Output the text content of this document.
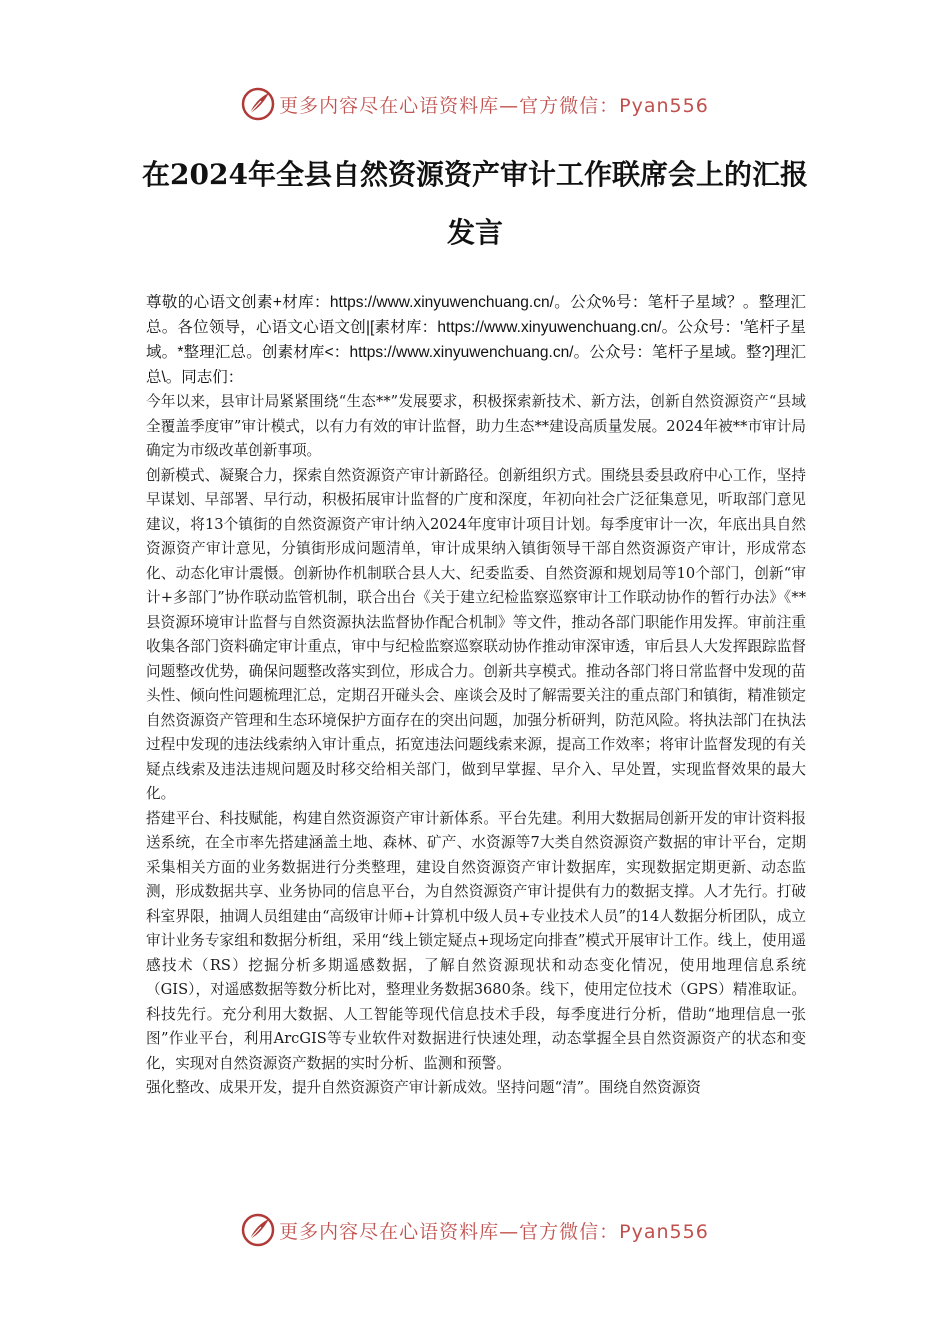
更多内容尽在心语资料库—官方微信：Pyan556
在2024年全县自然资源资产审计工作联席会上的汇报发言

尊敬的心语文创素+材库：https://www.xinyuwenchuang.cn/。公众%号：笔杆子星域？。整理汇总。各位领导，心语文心语文创|[素材库：https://www.xinyuwenchuang.cn/。公众号：'笔杆子星域。*整理汇总。创素材库<：https://www.xinyuwenchuang.cn/。公众号：笔杆子星域。整?]理汇总\。同志们：

今年以来，县审计局紧紧围绕“生态**”发展要求，积极探索新技术、新方法，创新自然资源资产“县域全覆盖季度审”审计模式，以有力有效的审计监督，助力生态**建设高质量发展。2024年被**市审计局确定为市级改革创新事项。

创新模式、凝聚合力，探索自然资源资产审计新路径。创新组织方式。围绕县委县政府中心工作，坚持早谋划、早部署、早行动，积极拓展审计监督的广度和深度，年初向社会广泛征集意见，听取部门意见建议，将13个镇街的自然资源资产审计纳入2024年度审计项目计划。每季度审计一次，年底出具自然资源资产审计意见，分镇街形成问题清单，审计成果纳入镇街领导干部自然资源资产审计，形成常态化、动态化审计震慑。创新协作机制联合县人大、纪委监委、自然资源和规划局等10个部门，创新“审计+多部门”协作联动监管机制，联合出台《关于建立纪检监察巡察审计工作联动协作的暂行办法》《**县资源环境审计监督与自然资源执法监督协作配合机制》等文件，推动各部门职能作用发挥。审前注重收集各部门资料确定审计重点，审中与纪检监察巡察联动协作推动审深审透，审后县人大发挥跟踪监督问题整改优势，确保问题整改落实到位，形成合力。创新共享模式。推动各部门将日常监督中发现的苗头性、倾向性问题梳理汇总，定期召开碰头会、座谈会及时了解需要关注的重点部门和镇街，精准锁定自然资源资产管理和生态环境保护方面存在的突出问题，加强分析研判，防范风险。将执法部门在执法过程中发现的违法线索纳入审计重点，拓宽违法问题线索来源，提高工作效率；将审计监督发现的有关疑点线索及违法违规问题及时移交给相关部门，做到早掌握、早介入、早处置，实现监督效果的最大化。

搭建平台、科技赋能，构建自然资源资产审计新体系。平台先建。利用大数据局创新开发的审计资料报送系统，在全市率先搭建涵盖土地、森林、矿产、水资源等7大类自然资源资产数据的审计平台，定期采集相关方面的业务数据进行分类整理，建设自然资源资产审计数据库，实现数据定期更新、动态监测，形成数据共享、业务协同的信息平台，为自然资源资产审计提供有力的数据支撑。人才先行。打破科室界限，抽调人员组建由“高级审计师+计算机中级人员+专业技术人员”的14人数据分析团队，成立审计业务专家组和数据分析组，采用“线上锁定疑点+现场定向排查”模式开展审计工作。线上，使用遥感技术（RS）挖掘分析多期遥感数据，了解自然资源现状和动态变化情况，使用地理信息系统（GIS），对遥感数据等数分析比对，整理业务数据3680条。线下，使用定位技术（GPS）精准取证。科技先行。充分利用大数据、人工智能等现代信息技术手段，每季度进行分析，借助“地理信息一张图”作业平台，利用ArcGIS等专业软件对数据进行快速处理，动态掌握全县自然资源资产的状态和变化，实现对自然资源资产数据的实时分析、监测和预警。

强化整改、成果开发，提升自然资源资产审计新成效。坚持问题“清”。围绕自然资源资

更多内容尽在心语资料库—官方微信：Pyan556
